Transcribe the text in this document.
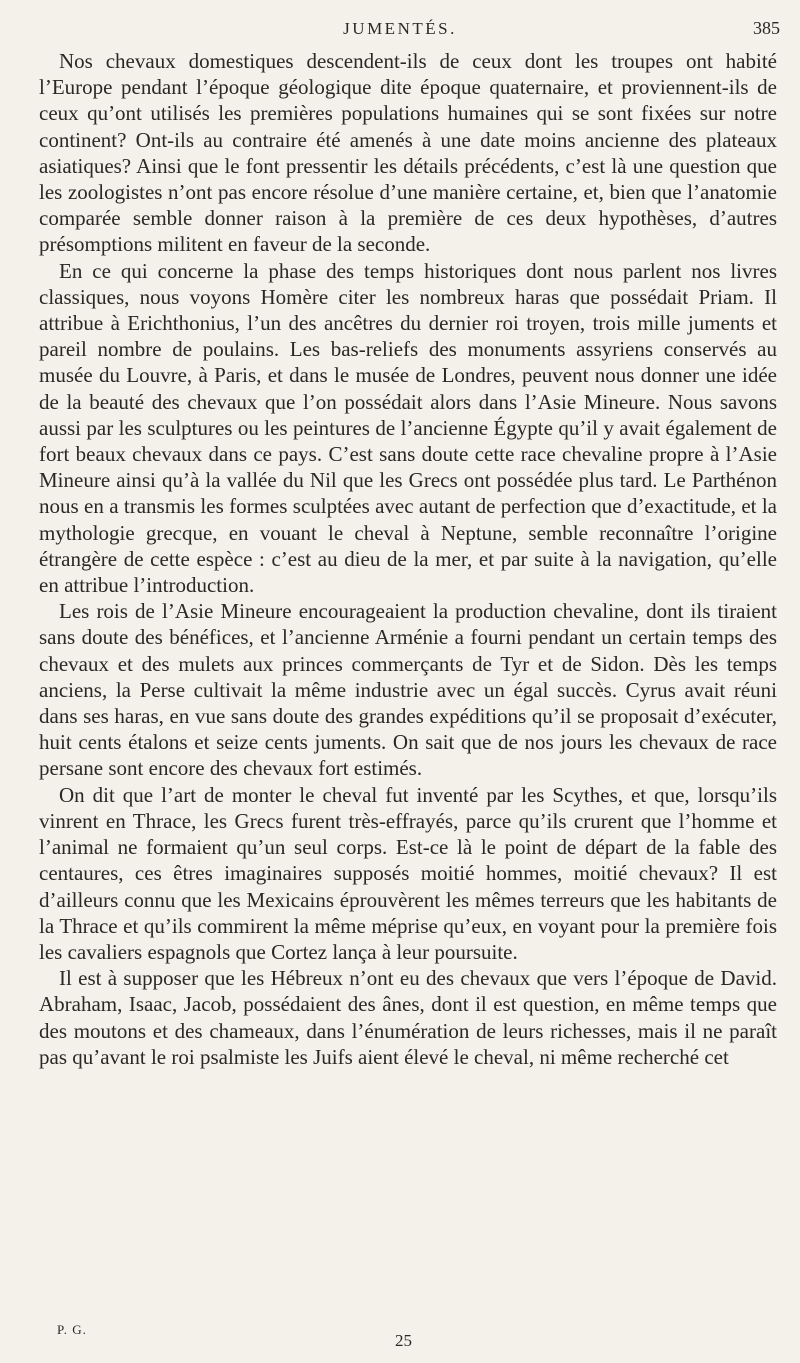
JUMENTÉS.	385

Nos chevaux domestiques descendent-ils de ceux dont les troupes ont habité l’Europe pendant l’époque géologique dite époque quaternaire, et proviennent-ils de ceux qu’ont utilisés les premières populations humaines qui se sont fixées sur notre continent? Ont-ils au contraire été amenés à une date moins ancienne des plateaux asiatiques? Ainsi que le font pressentir les détails précédents, c’est là une question que les zoologistes n’ont pas encore résolue d’une manière certaine, et, bien que l’anatomie comparée semble donner raison à la première de ces deux hypothèses, d’autres présomptions militent en faveur de la seconde.

En ce qui concerne la phase des temps historiques dont nous parlent nos livres classiques, nous voyons Homère citer les nombreux haras que possédait Priam. Il attribue à Erichthonius, l’un des ancêtres du dernier roi troyen, trois mille juments et pareil nombre de poulains. Les bas-reliefs des monuments assyriens conservés au musée du Louvre, à Paris, et dans le musée de Londres, peuvent nous donner une idée de la beauté des chevaux que l’on possédait alors dans l’Asie Mineure. Nous savons aussi par les sculptures ou les peintures de l’ancienne Égypte qu’il y avait également de fort beaux chevaux dans ce pays. C’est sans doute cette race chevaline propre à l’Asie Mineure ainsi qu’à la vallée du Nil que les Grecs ont possédée plus tard. Le Parthénon nous en a transmis les formes sculptées avec autant de perfection que d’exactitude, et la mythologie grecque, en vouant le cheval à Neptune, semble reconnaître l’origine étrangère de cette espèce : c’est au dieu de la mer, et par suite à la navigation, qu’elle en attribue l’introduction.

Les rois de l’Asie Mineure encourageaient la production chevaline, dont ils tiraient sans doute des bénéfices, et l’ancienne Arménie a fourni pendant un certain temps des chevaux et des mulets aux princes commerçants de Tyr et de Sidon. Dès les temps anciens, la Perse cultivait la même industrie avec un égal succès. Cyrus avait réuni dans ses haras, en vue sans doute des grandes expéditions qu’il se proposait d’exécuter, huit cents étalons et seize cents juments. On sait que de nos jours les chevaux de race persane sont encore des chevaux fort estimés.

On dit que l’art de monter le cheval fut inventé par les Scythes, et que, lorsqu’ils vinrent en Thrace, les Grecs furent très-effrayés, parce qu’ils crurent que l’homme et l’animal ne formaient qu’un seul corps. Est-ce là le point de départ de la fable des centaures, ces êtres imaginaires supposés moitié hommes, moitié chevaux? Il est d’ailleurs connu que les Mexicains éprouvèrent les mêmes terreurs que les habitants de la Thrace et qu’ils commirent la même méprise qu’eux, en voyant pour la première fois les cavaliers espagnols que Cortez lança à leur poursuite.

Il est à supposer que les Hébreux n’ont eu des chevaux que vers l’époque de David. Abraham, Isaac, Jacob, possédaient des ânes, dont il est question, en même temps que des moutons et des chameaux, dans l’énumération de leurs richesses, mais il ne paraît pas qu’avant le roi psalmiste les Juifs aient élevé le cheval, ni même recherché cet

P. G.
25
